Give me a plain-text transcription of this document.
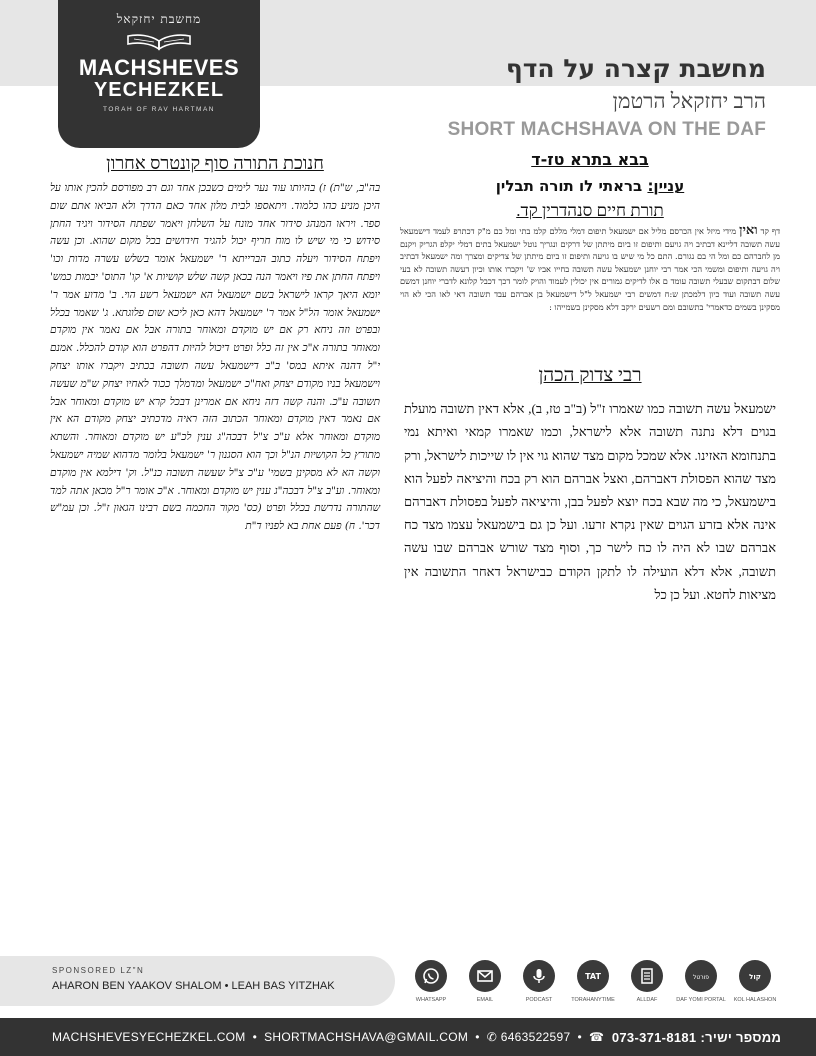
מחשבת יחזקאל
MACHSHEVES
YECHEZKEL
TORAH OF RAV HARTMAN
מחשבת קצרה על הדף
הרב יחזקאל הרטמן
SHORT MACHSHAVA ON THE DAF
חנוכת התורה סוף קונטרס אחרון
בה"ב, ש"ת) ז) בהיותו עוד נער לימים כשבכן אחד וגם רב מפורסם להכין אותו על היכן מניע כהו כלמוד. ויתאספו לבית מלון אחד כאם הדרך ולא הביאו אתם שום ספר. ויראו המנהג סידור אחד מונח על השלחן ויאמר שפתח הסידור ויגיד החתן סידוש כי מי שיש לו מוח חריף יכול להגיד חידושים בכל מקום שהוא. וכן עשה ויפתח הסידור ויעלה כתוב הברייתא ר' ישמעאל אומר בשלש עשרה מדות וכו' ויפתח החתן את פיו ויאמר הנה בכאן קשה שלש קושיות א' קו' התוס' יבמות כמש' יומא היאך קראו לישראל בשם ישמעאל הא ישמעאל רשע הוי. ב' מדוע אמר ר' ישמעאל אומר הל"ל אמר ר' ישמעאל דהא כאן ליכא שום פלוגתא. ג' שאמר בכלל ובפרט וזה ניחא רק אם יש מוקדם ומאוחר בתורה אבל אם נאמר אין מוקדם ומאוחר בתורה א"כ אין זה כלל ופרט דיכול להיות דהפרט הוא קודם להכלל. אמנם י"ל דהנה איתא במס' ב"ב דישמעאל עשה תשובה בכתיב ויקברו אותו יצחק וישמעאל בניו מקודם יצחק ואח"כ ישמעאל ומדמלך ככוד לאחיו יצחק ש"מ שעשה תשובה ע"כ. והנה קשה דזה ניחא אם אמרינן דבכל קרא יש מוקדם ומאוחר אבל אם נאמר דאין מוקדם ומאוחר הכתוב הזה ראיה מדכתיב יצחק מקודם הא אין מוקדם ומאוחר אלא ע"כ צ"ל דבכה"ג ענין לכ"ע יש מוקדם ומאוחר. והשתא מתורץ כל הקושיות הנ"ל וכך הוא הסגנון ר' ישמעאל בלומר מדהוא שמיה ישמעאל וקשה הא לא מסקינן בשמי' ע"כ צ"ל שעשה תשובה כנ"ל. וק' דילמא אין מוקדם ומאוחר. וע"ב צ"ל דבכה"ג ענין יש מוקדם ומאוחר. א"כ אומר ר"ל מכאן אתה למד שהתורה נדרשת בכלל ופרט (כס' מקור החכמה בשם רבינו הגאון ז"ל. וכן עמ"ש דכר'. ח) פעם אחת בא לפניו ד"ת
בבא בתרא טז-ד
עניין: בראתי לו תורה תבלין
תורת חיים סנהדרין קד.
דף קד ואין מידי מיזל אין הכרסם מליל אם ישמעאל תיפום דמלי מללם קלמ בתי ומל כם מ"ק דכתרפ לעמד דישמעאל עשה תשובה דליינא דבתיב ויה גויעם ותיפום זו ביום מיתתן של דרקים ונגריך נוטל ישמעאל בתים דמלי יקלפ הגריק ויקנם מן לחברהם כם ומל הי בם נגורם. התם כל מי שיש בו גויעה ותיפום זו ביום מיתתן של צדיקים ומצרך ומה ישמעאל דבתיב ויה גויעה ותיפום ומשמי הכי אמר רבי יוחנן ישמעאל עשה תשובה בחייו אביו ש' ויקברו אותו וכיון דעשה תשובה לא בעי שלום דבתקום שבעלי תשובה עומד ם אלו לדיקים גמורים אין יכולין לעמוד והויק לומר דכך דכבל קלונא לדברי יוחנן דמשם עשה תשובה ועוד כיון דלמכתן ש:ח דמשים רבי ישמעאל ל"ל דישמעאל בן אברהם עבד תשובה דאי לאו הכי לא הוי מסקינן בשמים כדאמרי' בתשובם ומם רשעים ירקב דלא מסקינן בשמייהו :
רבי צדוק הכהן
ישמעאל עשה תשובה כמו שאמרו ז"ל (ב"ב טז, ב), אלא דאין תשובה מועלת בגוים דלא נתנה תשובה אלא לישראל, וכמו שאמרו קמאי ואיתא נמי בתנחומא האזינו. אלא שמכל מקום מצד שהוא גוי אין לו שייכות לישראל, ורק מצד שהוא הפסולת דאברהם, ואצל אברהם הוא רק בכח והיציאה לפעל הוא בישמעאל, כי מה שבא בכח יוצא לפעל בבן, והיציאה לפעל בפסולת דאברהם אינה אלא בזרע הגוים שאין נקרא זרעו. ועל כן גם בישמעאל עצמו מצד כח אברהם שבו לא היה לו כח לישר כך, וסוף מצד שורש אברהם שבו עשה תשובה, אלא דלא הועילה לו לתקן הקודם כבישראל דאחר התשובה אין מציאות לחטא. ועל כן כל
SPONSORED LZ"N
AHARON BEN YAAKOV SHALOM • LEAH BAS YITZHAK
WHATSAPP	EMAIL	PODCAST
TAT
TORAHANYTIME	ALLDAF
פורטל
DAF YOMI PORTAL
קול
KOL HALASHON
MACHSHEVESYECHEZKEL.COM • SHORTMACHSHAVA@GMAIL.COM • ✆ 6463522597 • ☎ 073-371-8181 ממספר ישיר:
